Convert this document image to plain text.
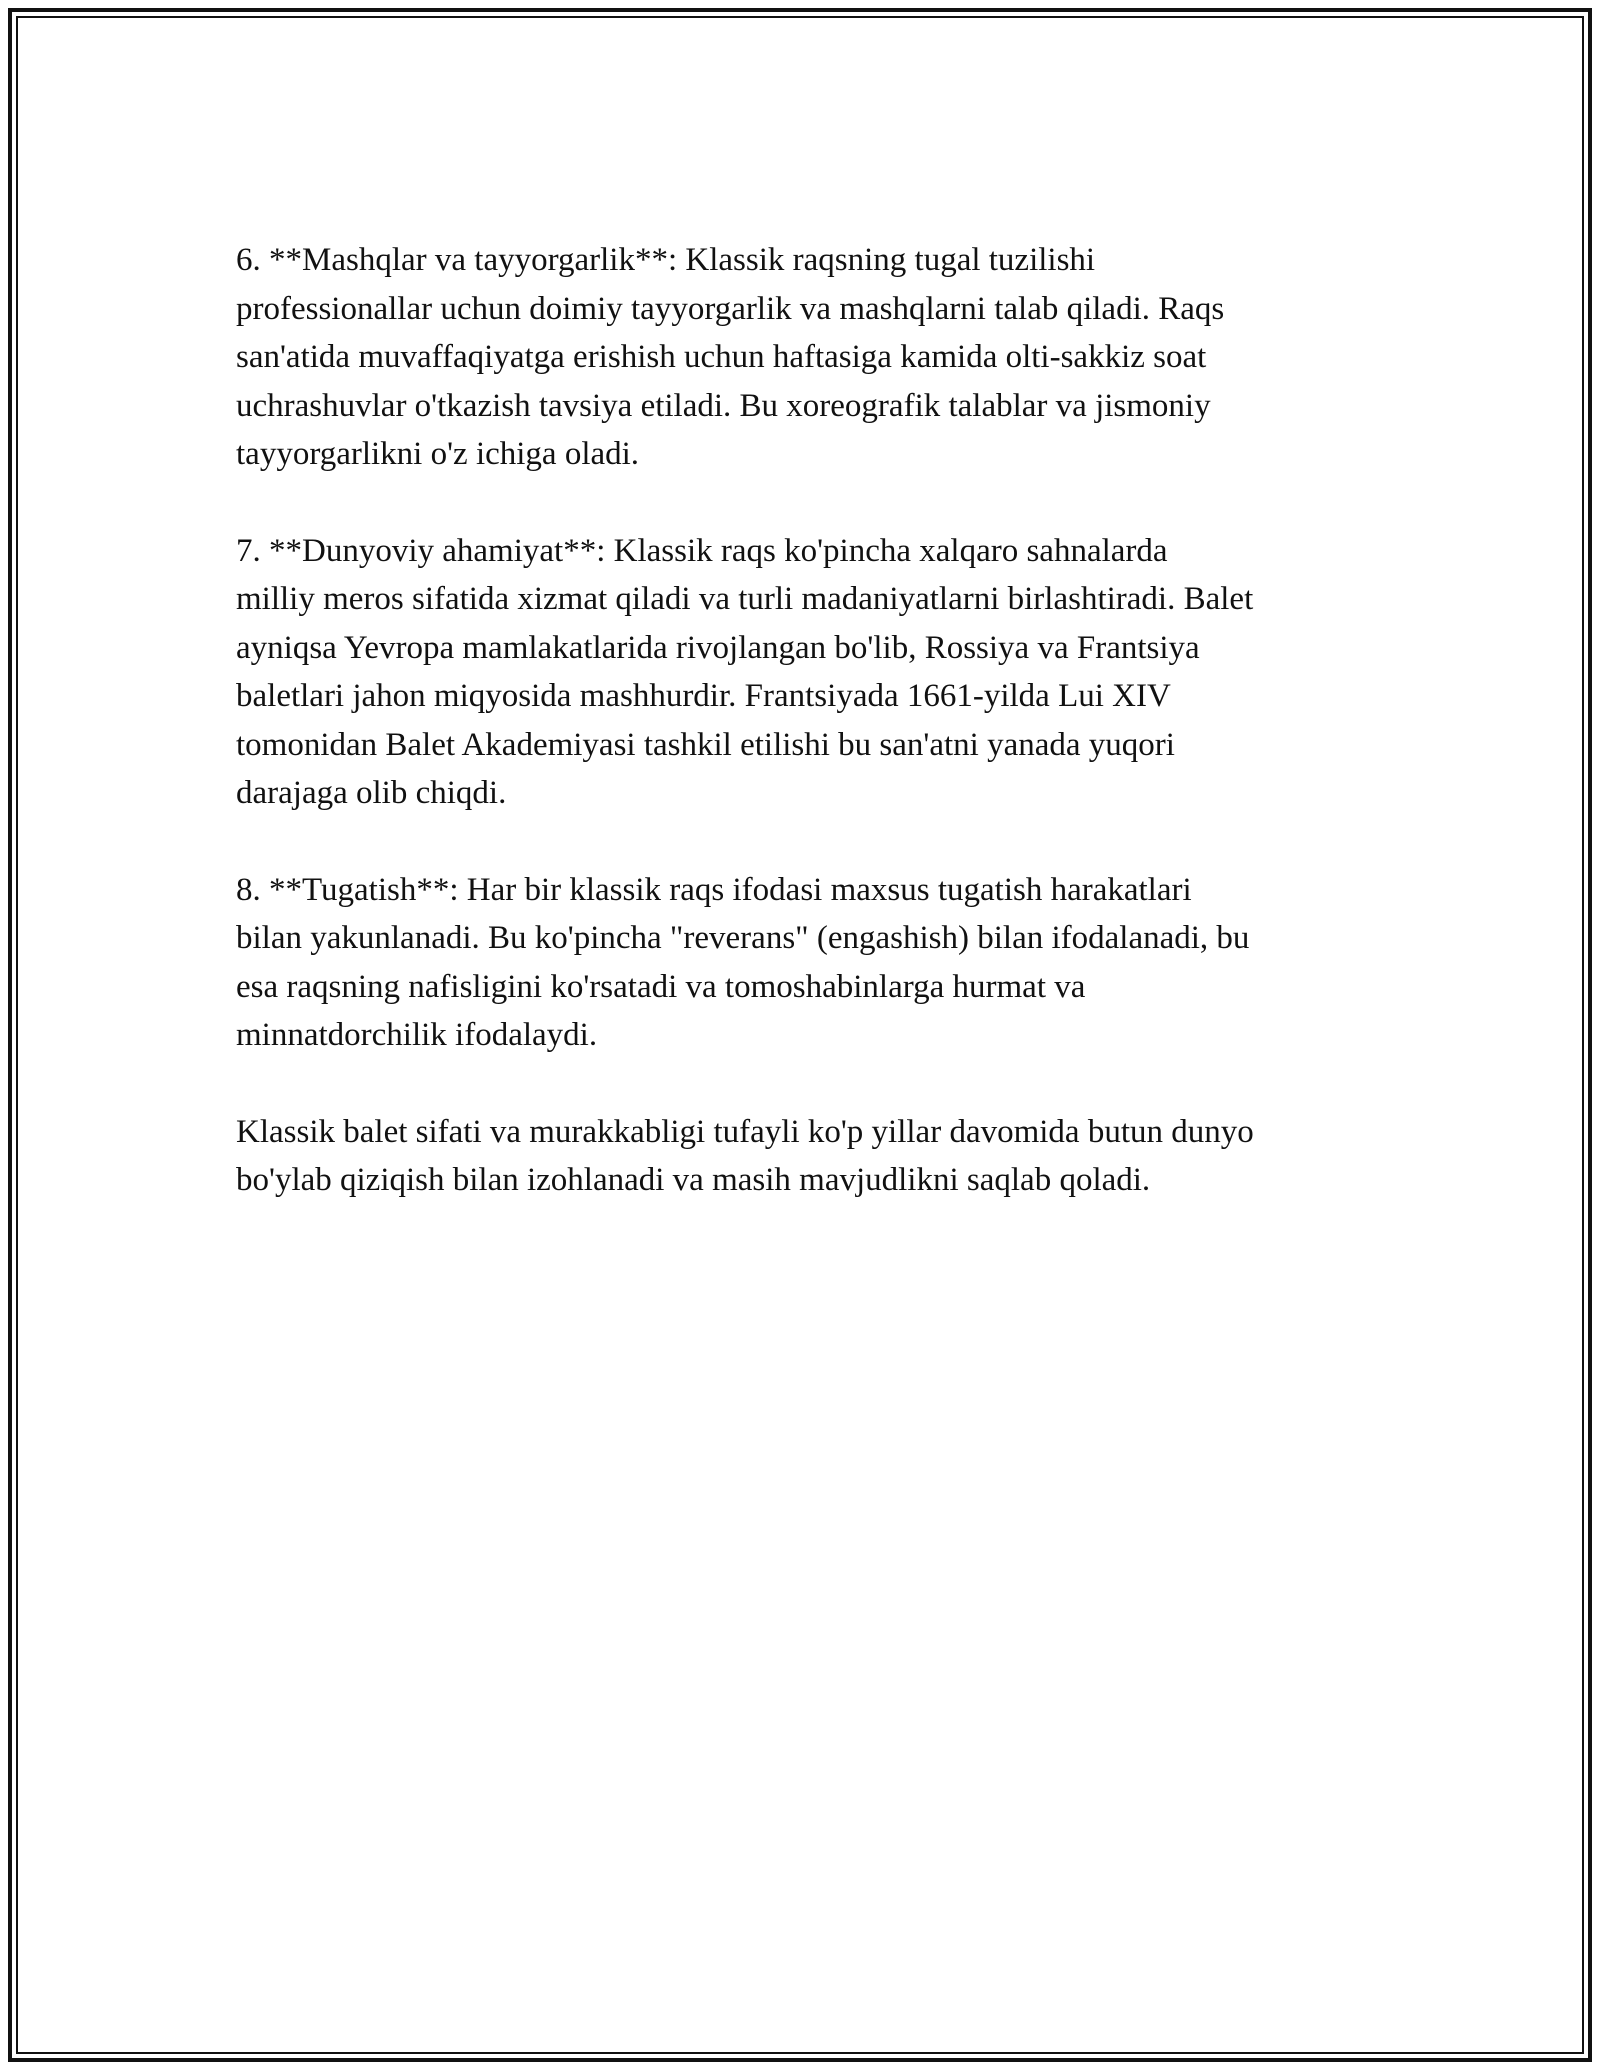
6. **Mashqlar va tayyorgarlik**: Klassik raqsning tugal tuzilishi
professionallar uchun doimiy tayyorgarlik va mashqlarni talab qiladi. Raqs
san'atida muvaffaqiyatga erishish uchun haftasiga kamida olti-sakkiz soat
uchrashuvlar o'tkazish tavsiya etiladi. Bu xoreografik talablar va jismoniy
tayyorgarlikni o'z ichiga oladi.

7. **Dunyoviy ahamiyat**: Klassik raqs ko'pincha xalqaro sahnalarda
milliy meros sifatida xizmat qiladi va turli madaniyatlarni birlashtiradi. Balet
ayniqsa Yevropa mamlakatlarida rivojlangan bo'lib, Rossiya va Frantsiya
baletlari jahon miqyosida mashhurdir. Frantsiyada 1661-yilda Lui XIV
tomonidan Balet Akademiyasi tashkil etilishi bu san'atni yanada yuqori
darajaga olib chiqdi.

8. **Tugatish**: Har bir klassik raqs ifodasi maxsus tugatish harakatlari
bilan yakunlanadi. Bu ko'pincha "reverans" (engashish) bilan ifodalanadi, bu
esa raqsning nafisligini ko'rsatadi va tomoshabinlarga hurmat va
minnatdorchilik ifodalaydi.

Klassik balet sifati va murakkabligi tufayli ko'p yillar davomida butun dunyo
bo'ylab qiziqish bilan izohlanadi va masih mavjudlikni saqlab qoladi.
